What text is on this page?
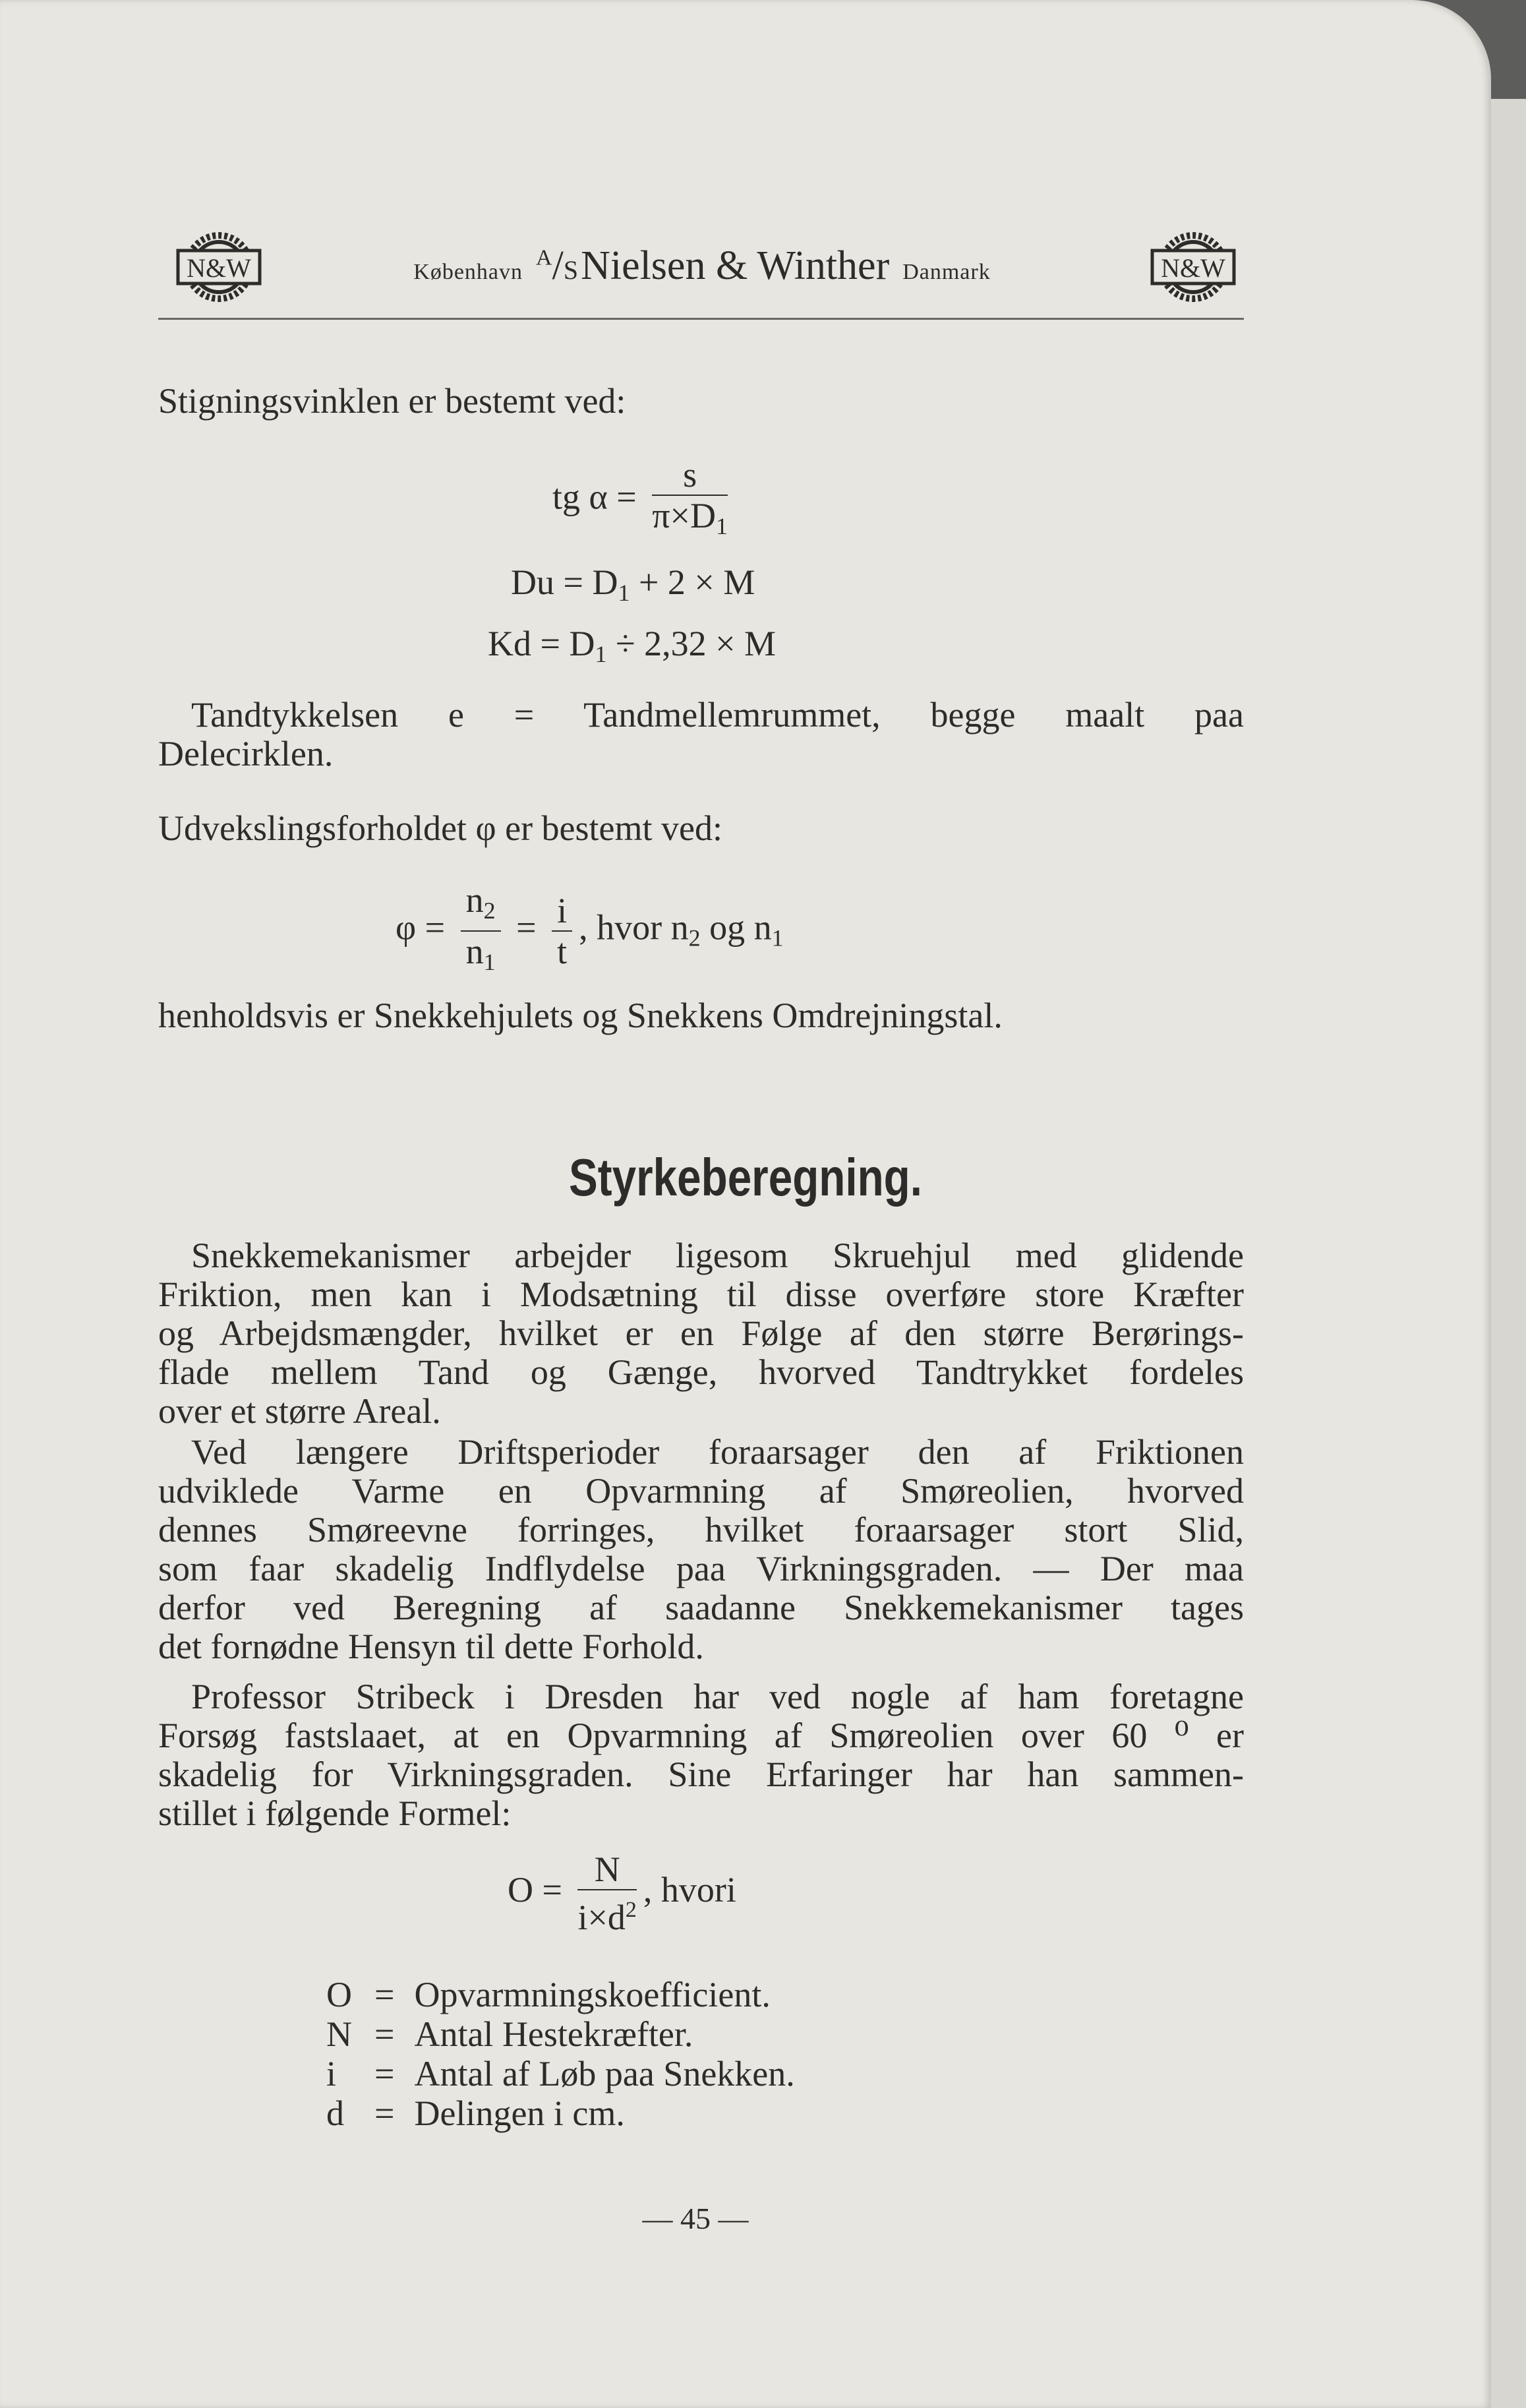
N&W	København     $^A$/S Nielsen & Winther Danmark	N&W
Stigningsvinklen er bestemt ved:
tg $\alpha = \frac{s}{\pi\times D_1}$
$Du = D_1 + 2 \times M$
$Kd = D_1 \div 2,32 \times M$
Tandtykkelsen e = Tandmellemrummet, begge maalt paa
Delecirklen.
Udvekslingsforholdet φ er bestemt ved:
$\varphi = \frac{n_2}{n_1} = \frac{i}{t}$ , hvor $n_2$ og $n_1$
henholdsvis er Snekkehjulets og Snekkens Omdrejningstal.
Styrkeberegning.
Snekkemekanismer arbejder ligesom Skruehjul med glidende
Friktion, men kan i Modsætning til disse overføre store Kræfter
og Arbejdsmængder, hvilket er en Følge af den større Berørings-
flade mellem Tand og Gænge, hvorved Tandtrykket fordeles
over et større Areal.
Ved længere Driftsperioder foraarsager den af Friktionen
udviklede Varme en Opvarmning af Smøreolien, hvorved
dennes Smøreevne forringes, hvilket foraarsager stort Slid,
som faar skadelig Indflydelse paa Virkningsgraden. — Der maa
derfor ved Beregning af saadanne Snekkemekanismer tages
det fornødne Hensyn til dette Forhold.
Professor Stribeck i Dresden har ved nogle af ham foretagne
Forsøg fastslaaet, at en Opvarmning af Smøreolien over 60 ⁰ er
skadelig for Virkningsgraden. Sine Erfaringer har han sammen-
stillet i følgende Formel:
$O = \frac{N}{i\times d^2}$ , hvori
O	=	Opvarmningskoefficient.
N	=	Antal Hestekræfter.
i	=	Antal af Løb paa Snekken.
d	=	Delingen i cm.
— 45 —
